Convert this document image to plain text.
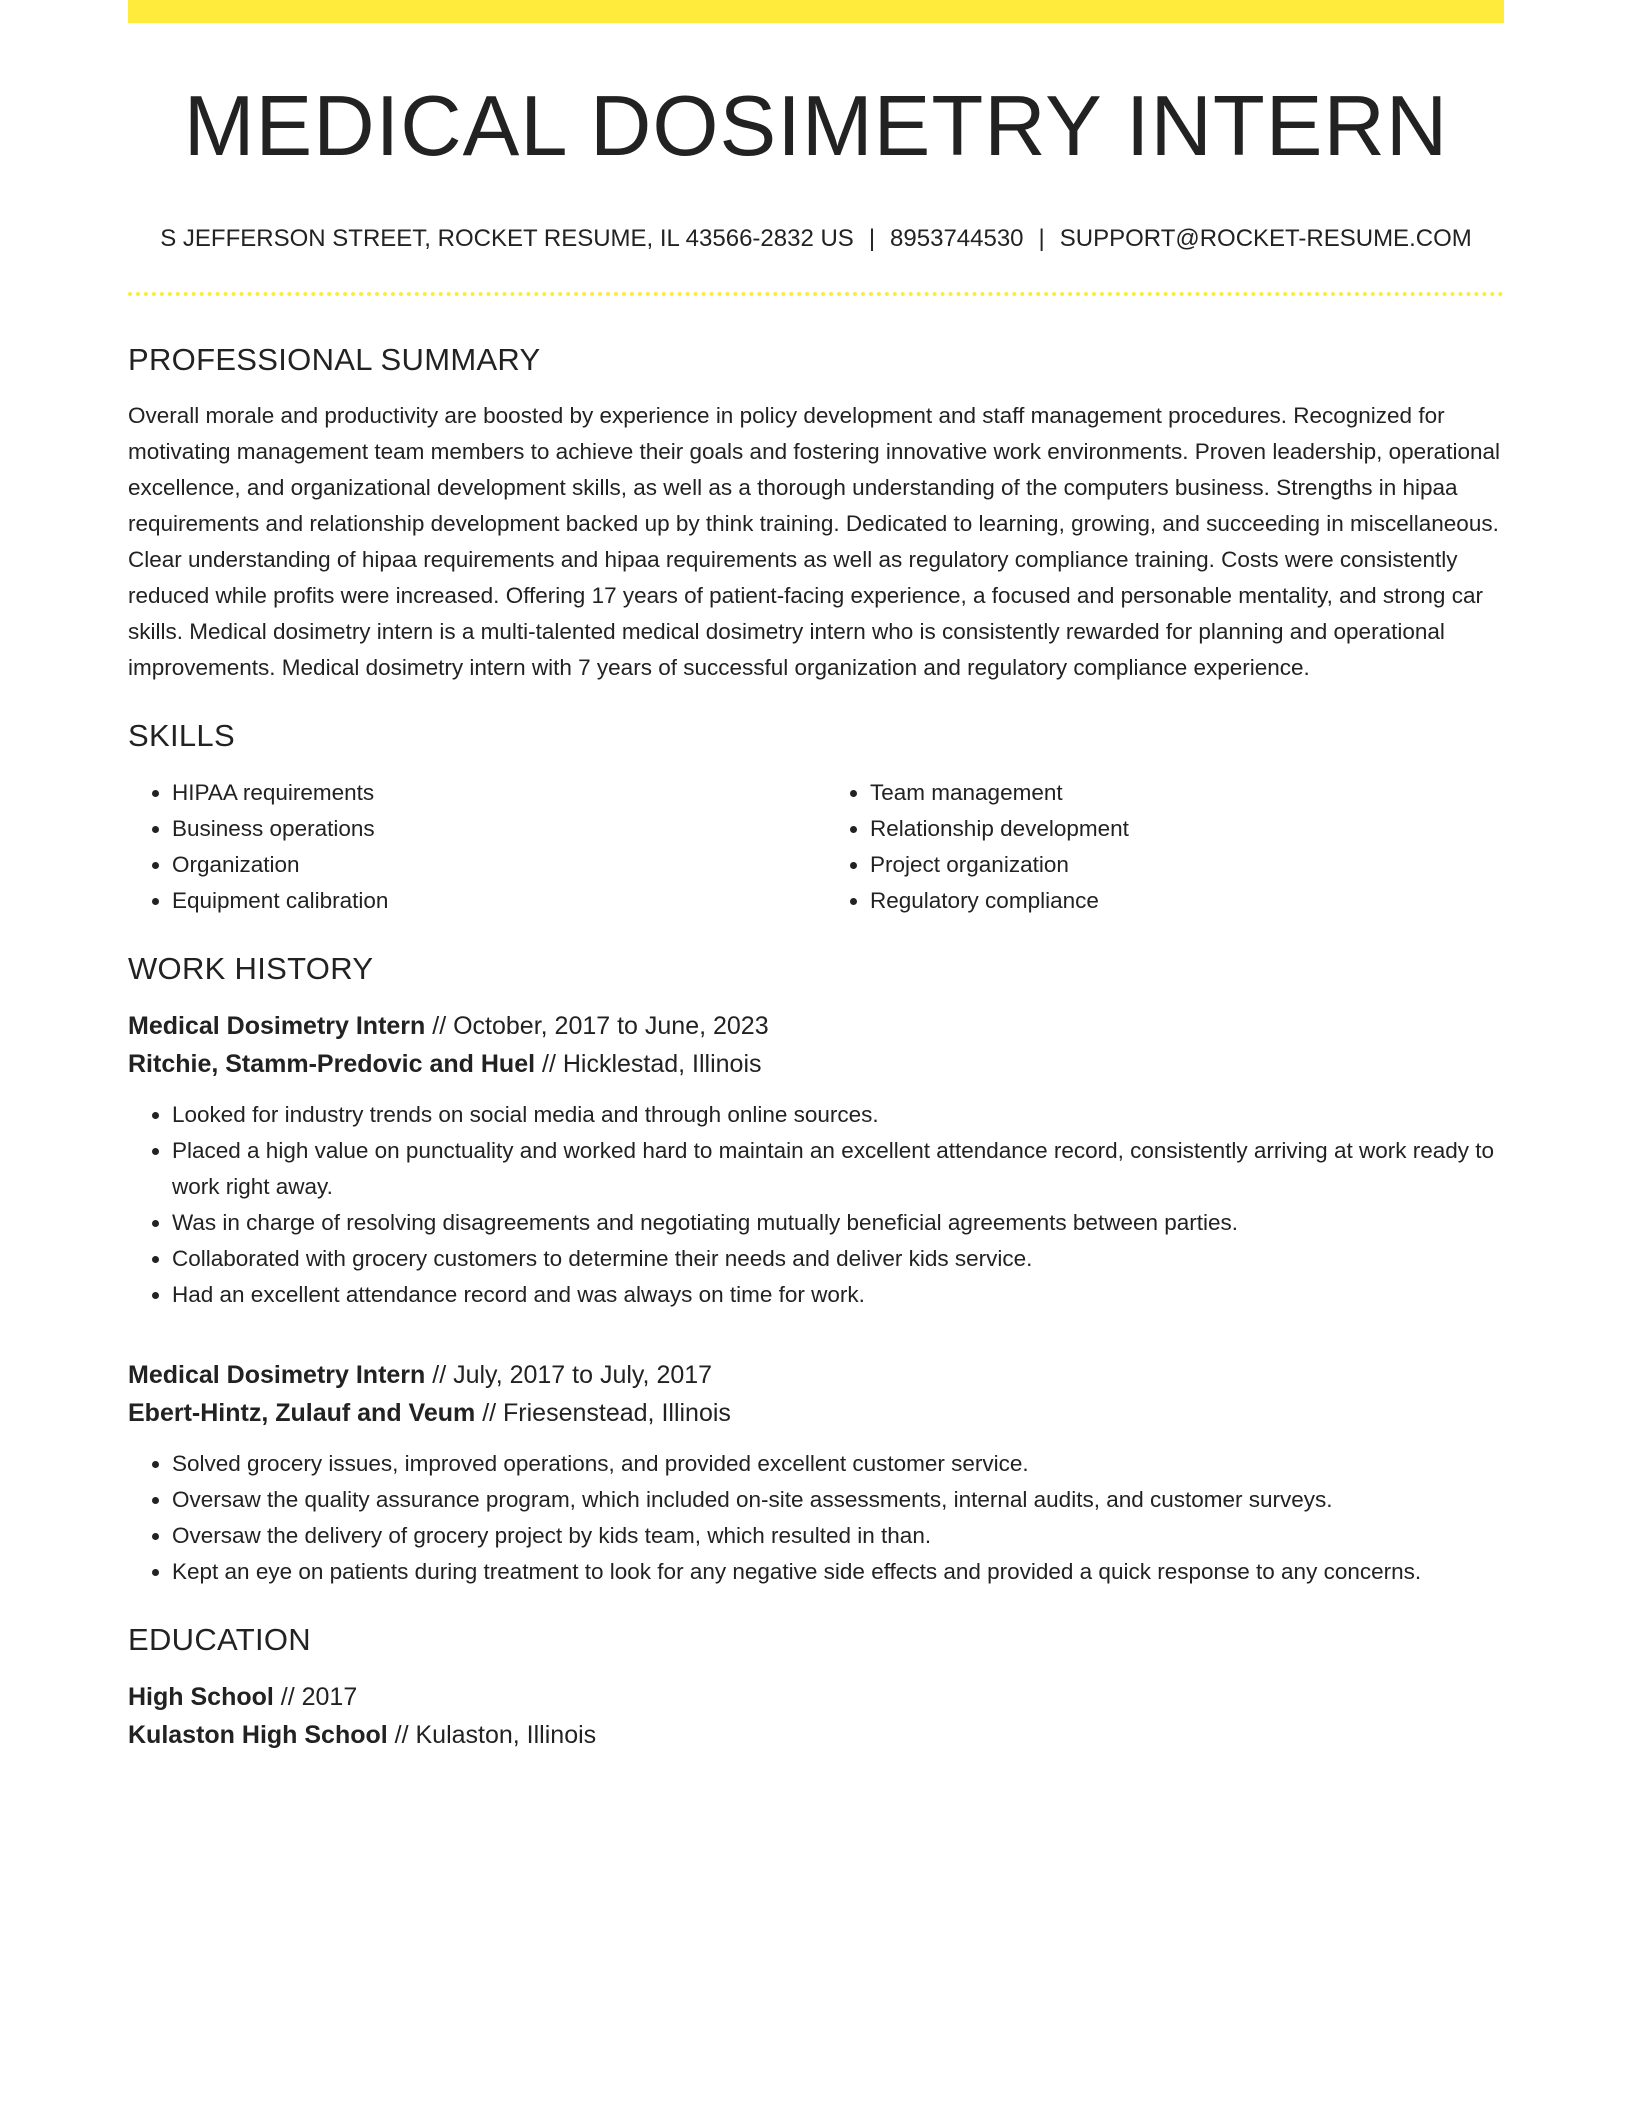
MEDICAL DOSIMETRY INTERN
S JEFFERSON STREET, ROCKET RESUME, IL 43566-2832 US | 8953744530 | SUPPORT@ROCKET-RESUME.COM
PROFESSIONAL SUMMARY
Overall morale and productivity are boosted by experience in policy development and staff management procedures. Recognized for motivating management team members to achieve their goals and fostering innovative work environments. Proven leadership, operational excellence, and organizational development skills, as well as a thorough understanding of the computers business. Strengths in hipaa requirements and relationship development backed up by think training. Dedicated to learning, growing, and succeeding in miscellaneous. Clear understanding of hipaa requirements and hipaa requirements as well as regulatory compliance training. Costs were consistently reduced while profits were increased. Offering 17 years of patient-facing experience, a focused and personable mentality, and strong car skills. Medical dosimetry intern is a multi-talented medical dosimetry intern who is consistently rewarded for planning and operational improvements. Medical dosimetry intern with 7 years of successful organization and regulatory compliance experience.
SKILLS
• HIPAA requirements
• Business operations
• Organization
• Equipment calibration
• Team management
• Relationship development
• Project organization
• Regulatory compliance
WORK HISTORY
Medical Dosimetry Intern // October, 2017 to June, 2023
Ritchie, Stamm-Predovic and Huel // Hicklestad, Illinois
• Looked for industry trends on social media and through online sources.
• Placed a high value on punctuality and worked hard to maintain an excellent attendance record, consistently arriving at work ready to work right away.
• Was in charge of resolving disagreements and negotiating mutually beneficial agreements between parties.
• Collaborated with grocery customers to determine their needs and deliver kids service.
• Had an excellent attendance record and was always on time for work.
Medical Dosimetry Intern // July, 2017 to July, 2017
Ebert-Hintz, Zulauf and Veum // Friesenstead, Illinois
• Solved grocery issues, improved operations, and provided excellent customer service.
• Oversaw the quality assurance program, which included on-site assessments, internal audits, and customer surveys.
• Oversaw the delivery of grocery project by kids team, which resulted in than.
• Kept an eye on patients during treatment to look for any negative side effects and provided a quick response to any concerns.
EDUCATION
High School // 2017
Kulaston High School // Kulaston, Illinois
